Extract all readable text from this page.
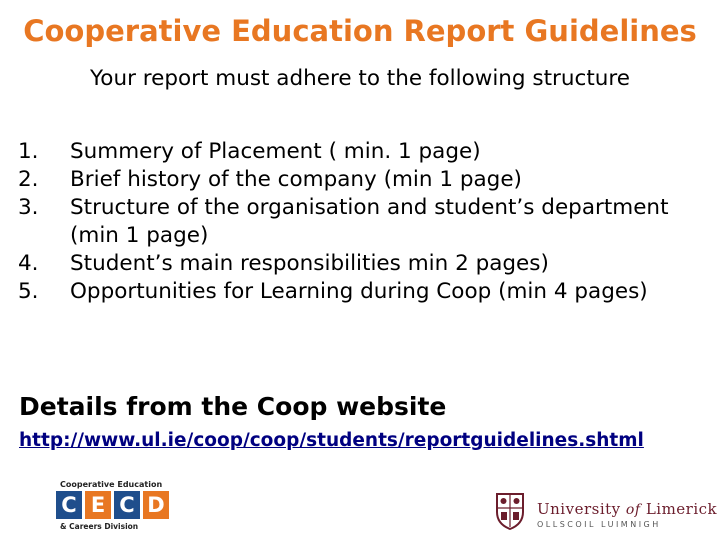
Cooperative Education Report Guidelines
Your report must adhere to the following structure
1.	Summery of Placement ( min. 1 page)
2.	Brief history of the company (min 1 page)
3.	Structure of the organisation and student’s department (min 1 page)
4.	Student’s main responsibilities min 2 pages)
5.	Opportunities for Learning during Coop (min 4 pages)
Details from the Coop website
http://www.ul.ie/coop/coop/students/reportguidelines.shtml
Cooperative Education
C E C D
& Careers Division
University of Limerick
OLLSCOIL LUIMNIGH
